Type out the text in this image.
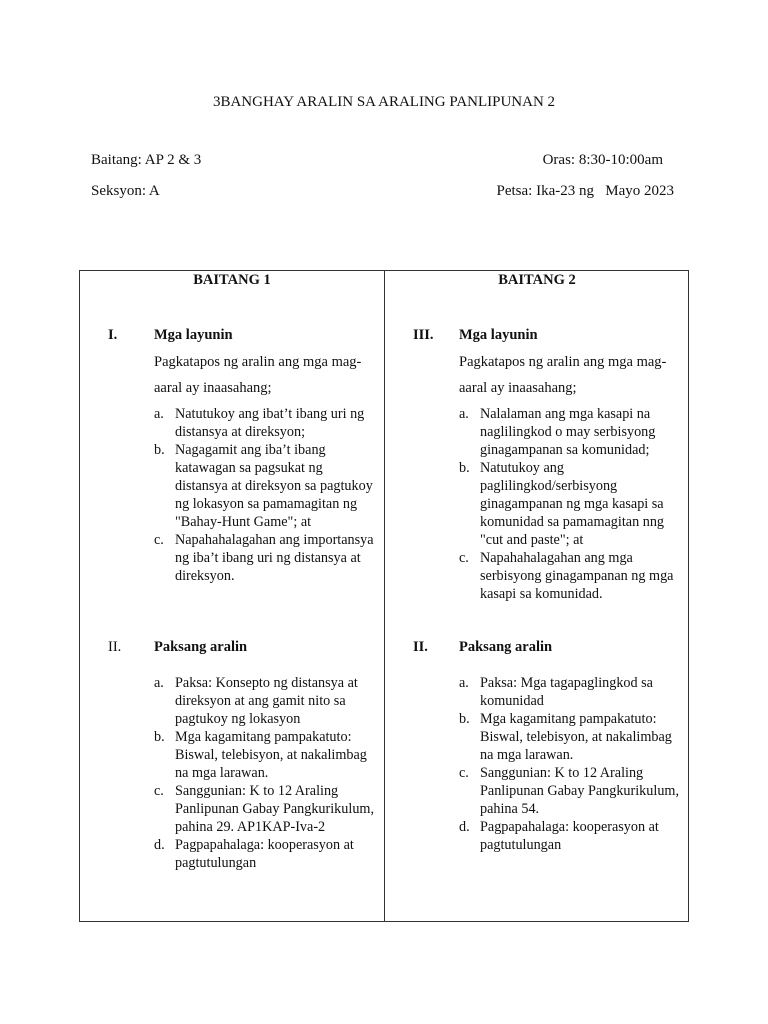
3BANGHAY ARALIN SA ARALING PANLIPUNAN 2
Baitang: AP 2 & 3
Seksyon: A
Oras: 8:30-10:00am
Petsa: Ika-23 ng   Mayo 2023
BAITANG 1
I.	Mga layunin
Pagkatapos ng aralin ang mga mag-
aaral ay inaasahang;
a. Natutukoy ang ibat’t ibang uri ng distansya at direksyon;
b. Nagagamit ang iba’t ibang katawagan sa pagsukat ng distansya at direksyon sa pagtukoy ng lokasyon sa pamamagitan ng "Bahay-Hunt Game"; at
c. Napahahalagahan ang importansya ng iba’t ibang uri ng distansya at direksyon.
II. Paksang aralin
a. Paksa: Konsepto ng distansya at direksyon at ang gamit nito sa pagtukoy ng lokasyon
b. Mga kagamitang pampakatuto: Biswal, telebisyon, at nakalimbag na mga larawan.
c. Sanggunian: K to 12 Araling Panlipunan Gabay Pangkurikulum, pahina 29. AP1KAP-Iva-2
d. Pagpapahalaga: kooperasyon at pagtutulungan
BAITANG 2
III. Mga layunin
Pagkatapos ng aralin ang mga mag-
aaral ay inaasahang;
a. Nalalaman ang mga kasapi na naglilingkod o may serbisyong ginagampanan sa komunidad;
b. Natutukoy ang paglilingkod/serbisyong ginagampanan ng mga kasapi sa komunidad sa pamamagitan nng "cut and paste"; at
c. Napahahalagahan ang mga serbisyong ginagampanan ng mga kasapi sa komunidad.
II. Paksang aralin
a. Paksa: Mga tagapaglingkod sa komunidad
b. Mga kagamitang pampakatuto: Biswal, telebisyon, at nakalimbag na mga larawan.
c. Sanggunian: K to 12 Araling Panlipunan Gabay Pangkurikulum, pahina 54.
d. Pagpapahalaga: kooperasyon at pagtutulungan
